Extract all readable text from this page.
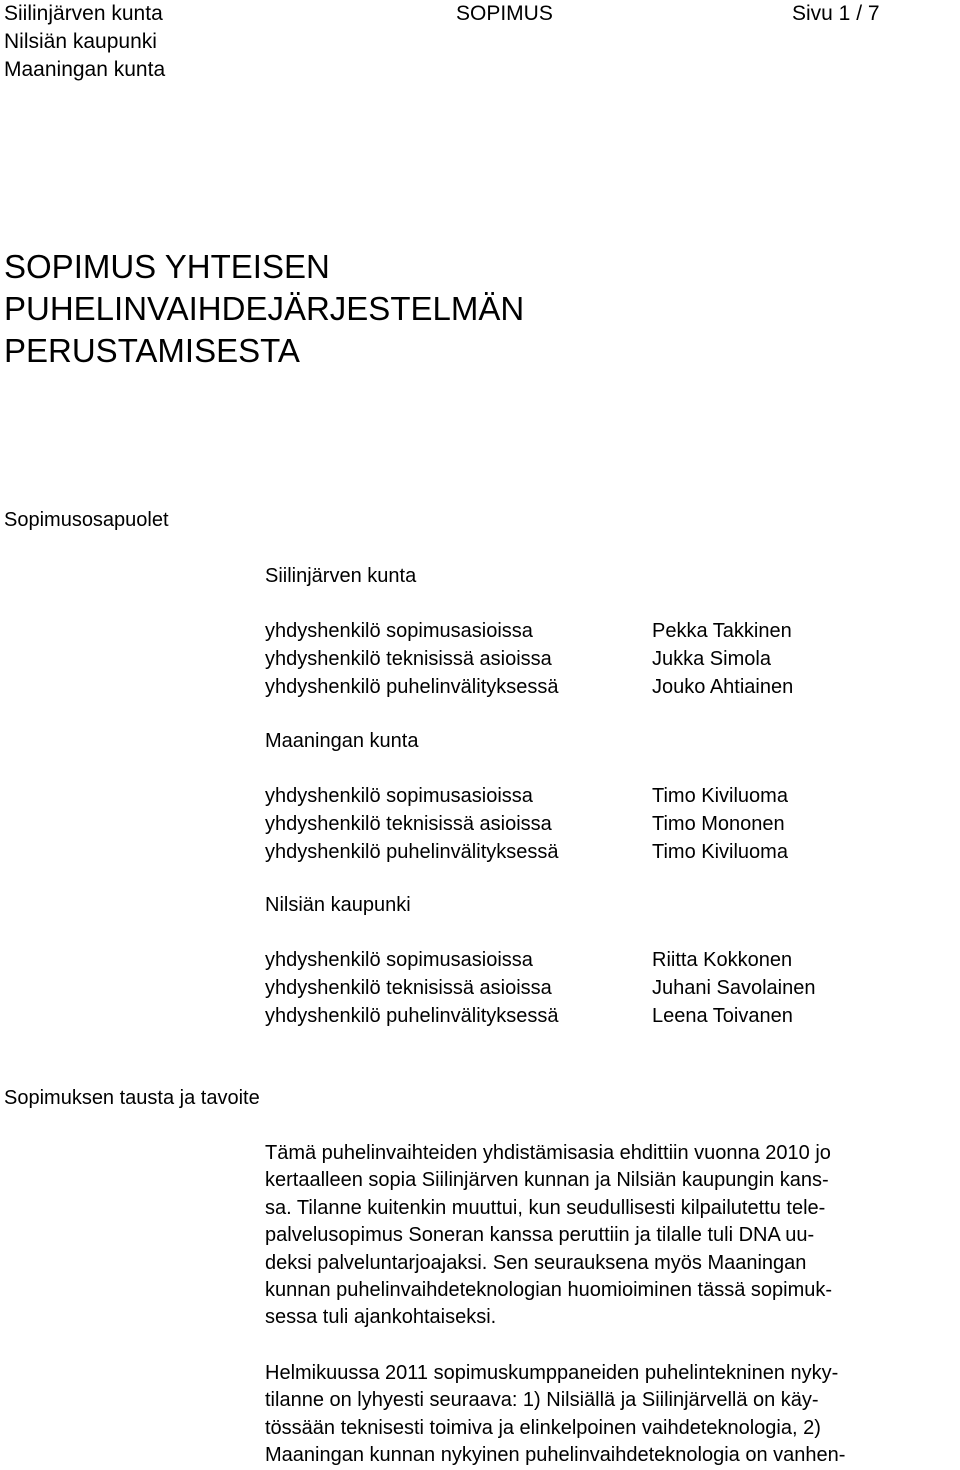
Siilinjärven kunta
Nilsiän kaupunki
Maaningan kunta
SOPIMUS	Sivu 1 / 7
SOPIMUS YHTEISEN
PUHELINVAIHDEJÄRJESTELMÄN
PERUSTAMISESTA
Sopimusosapuolet
Siilinjärven kunta
yhdyshenkilö sopimusasioissa
yhdyshenkilö teknisissä asioissa
yhdyshenkilö puhelinvälityksessä
Pekka Takkinen
Jukka Simola
Jouko Ahtiainen
Maaningan kunta
yhdyshenkilö sopimusasioissa
yhdyshenkilö teknisissä asioissa
yhdyshenkilö puhelinvälityksessä
Timo Kiviluoma
Timo Mononen
Timo Kiviluoma
Nilsiän kaupunki
yhdyshenkilö sopimusasioissa
yhdyshenkilö teknisissä asioissa
yhdyshenkilö puhelinvälityksessä
Riitta Kokkonen
Juhani Savolainen
Leena Toivanen
Sopimuksen tausta ja tavoite
Tämä puhelinvaihteiden yhdistämisasia ehdittiin vuonna 2010 jo
kertaalleen sopia Siilinjärven kunnan ja Nilsiän kaupungin kans-
sa. Tilanne kuitenkin muuttui, kun seudullisesti kilpailutettu tele-
palvelusopimus Soneran kanssa peruttiin ja tilalle tuli DNA uu-
deksi palveluntarjoajaksi. Sen seurauksena myös Maaningan
kunnan puhelinvaihdeteknologian huomioiminen tässä sopimuk-
sessa tuli ajankohtaiseksi.
Helmikuussa 2011 sopimuskumppaneiden puhelintekninen nyky-
tilanne on lyhyesti seuraava: 1) Nilsiällä ja Siilinjärvellä on käy-
tössään teknisesti toimiva ja elinkelpoinen vaihdeteknologia, 2)
Maaningan kunnan nykyinen puhelinvaihdeteknologia on vanhen-
